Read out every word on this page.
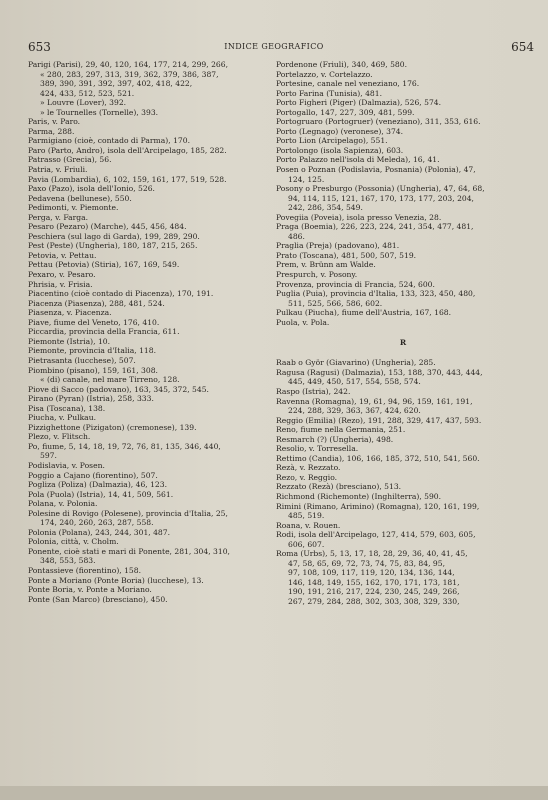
653	INDICE GEOGRAFICO	654
Parigi (Parisi), 29, 40, 120, 164, 177, 214, 299, 266,
« 280, 283, 297, 313, 319, 362, 379, 386, 387,
389, 390, 391, 392, 397, 402, 418, 422,
424, 433, 512, 523, 521.
» Louvre (Lover), 392.
» le Tournelles (Tornelle), 393.
Paris, v. Paro.
Parma, 288.
Parmigiano (cioè, contado di Parma), 170.
Paro (Parto, Andro), isola dell'Arcipelago, 185, 282.
Patrasso (Grecia), 56.
Patria, v. Friuli.
Pavia (Lombardia), 6, 102, 159, 161, 177, 519, 528.
Paxo (Pazo), isola dell'Ionio, 526.
Pedavena (bellunese), 550.
Pedimonti, v. Piemonte.
Perga, v. Farga.
Pesaro (Pezaro) (Marche), 445, 456, 484.
Peschiera (sul lago di Garda), 199, 289, 290.
Pest (Peste) (Ungheria), 180, 187, 215, 265.
Petovia, v. Pettau.
Pettau (Petovia) (Stiria), 167, 169, 549.
Pexaro, v. Pesaro.
Phrisia, v. Frisia.
Piacentino (cioè contado di Piacenza), 170, 191.
Piacenza (Piasenza), 288, 481, 524.
Piasenza, v. Piacenza.
Piave, fiume del Veneto, 176, 410.
Piccardia, provincia della Francia, 611.
Piemonte (Istria), 10.
Piemonte, provincia d'Italia, 118.
Pietrasanta (lucchese), 507.
Piombino (pisano), 159, 161, 308.
« (di) canale, nel mare Tirreno, 128.
Piove di Sacco (padovano), 163, 345, 372, 545.
Pirano (Pyran) (Istria), 258, 333.
Pisa (Toscana), 138.
Piucha, v. Pulkau.
Pizzighettone (Pizigaton) (cremonese), 139.
Plezo, v. Flitsch.
Po, fiume, 5, 14, 18, 19, 72, 76, 81, 135, 346, 440,
597.
Podislavia, v. Posen.
Poggio a Cajano (fiorentino), 507.
Pogliza (Poliza) (Dalmazia), 46, 123.
Pola (Puola) (Istria), 14, 41, 509, 561.
Polana, v. Polonia.
Polesine di Rovigo (Polesene), provincia d'Italia, 25,
174, 240, 260, 263, 287, 558.
Polonia (Polana), 243, 244, 301, 487.
Polonia, città, v. Cholm.
Ponente, cioè stati e mari di Ponente, 281, 304, 310,
348, 553, 583.
Pontassieve (fiorentino), 158.
Ponte a Moriano (Ponte Boria) (lucchese), 13.
Ponte Boria, v. Ponte a Moriano.
Ponte (San Marco) (bresciano), 450.
Pordenone (Friuli), 340, 469, 580.
Portelazzo, v. Cortelazzo.
Portesine, canale nel veneziano, 176.
Porto Farina (Tunisia), 481.
Porto Figheri (Piger) (Dalmazia), 526, 574.
Portogallo, 147, 227, 309, 481, 599.
Portogruaro (Portogruer) (veneziano), 311, 353, 616.
Porto (Legnago) (veronese), 374.
Porto Lion (Arcipelago), 551.
Portolongo (isola Sapienza), 603.
Porto Palazzo nell'isola di Meleda), 16, 41.
Posen o Poznan (Podislavia, Posnania) (Polonia), 47,
124, 125.
Posony o Presburgo (Possonia) (Ungheria), 47, 64, 68,
94, 114, 115, 121, 167, 170, 173, 177, 203, 204,
242, 286, 354, 549.
Povegiia (Poveia), isola presso Venezia, 28.
Praga (Boemia), 226, 223, 224, 241, 354, 477, 481,
486.
Praglia (Preja) (padovano), 481.
Prato (Toscana), 481, 500, 507, 519.
Prem, v. Brünn am Walde.
Prespurch, v. Posony.
Provenza, provincia di Francia, 524, 600.
Puglia (Puia), provincia d'Italia, 133, 323, 450, 480,
511, 525, 566, 586, 602.
Pulkau (Piucha), fiume dell'Austria, 167, 168.
Puola, v. Pola.
R
Raab o Györ (Giavarino) (Ungheria), 285.
Ragusa (Ragusi) (Dalmazia), 153, 188, 370, 443, 444,
445, 449, 450, 517, 554, 558, 574.
Raspo (Istria), 242.
Ravenna (Romagna), 19, 61, 94, 96, 159, 161, 191,
224, 288, 329, 363, 367, 424, 620.
Reggio (Emilia) (Rezo), 191, 288, 329, 417, 437, 593.
Reno, fiume nella Germania, 251.
Resmarch (?) (Ungheria), 498.
Resolio, v. Torresella.
Rettimo (Candia), 106, 166, 185, 372, 510, 541, 560.
Rezà, v. Rezzato.
Rezo, v. Reggio.
Rezzato (Rezà) (bresciano), 513.
Richmond (Richemonte) (Inghilterra), 590.
Rimini (Rimano, Arimino) (Romagna), 120, 161, 199,
485, 519.
Roana, v. Rouen.
Rodi, isola dell'Arcipelago, 127, 414, 579, 603, 605,
606, 607.
Roma (Urbs), 5, 13, 17, 18, 28, 29, 36, 40, 41, 45,
47, 58, 65, 69, 72, 73, 74, 75, 83, 84, 95,
97, 108, 109, 117, 119, 120, 134, 136, 144,
146, 148, 149, 155, 162, 170, 171, 173, 181,
190, 191, 216, 217, 224, 230, 245, 249, 266,
267, 279, 284, 288, 302, 303, 308, 329, 330,
